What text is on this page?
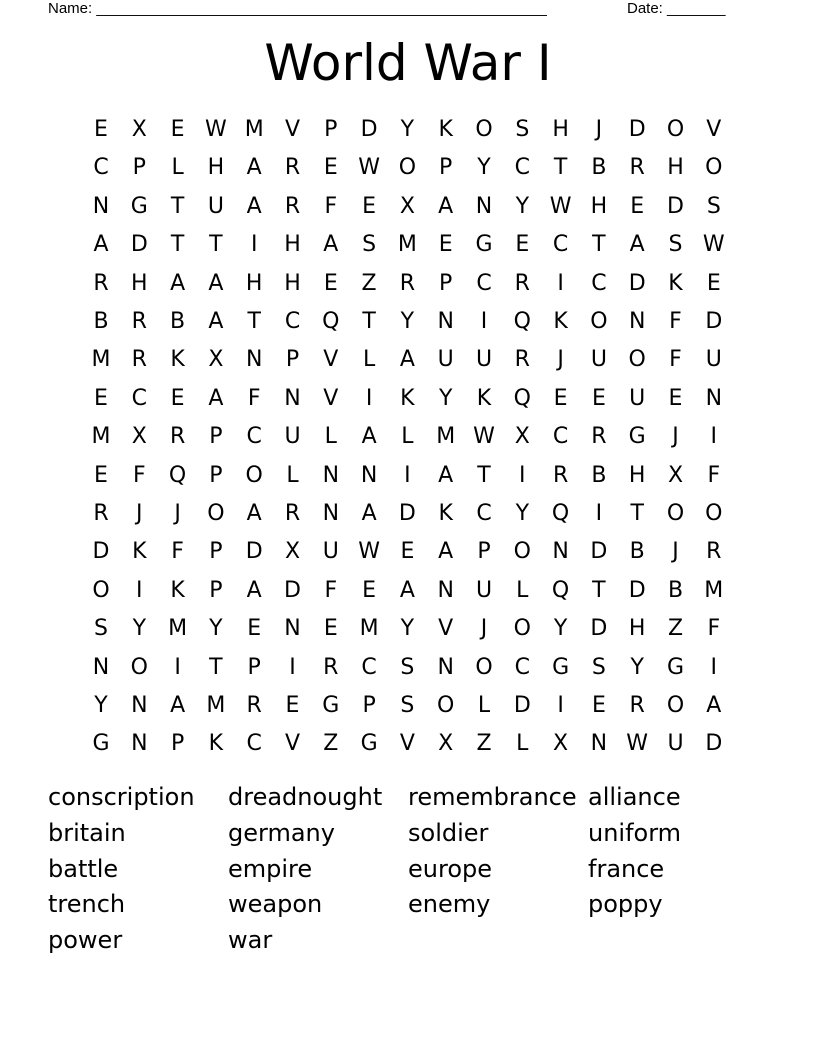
Name: ______________________________________________________	Date: _______
World War I
E	X	E W M V	P	D	Y	K	O	S	H	J	D O	V
C	P	L	H	A	R	E W O	P	Y	C	T	B	R	H O
N G	T	U	A	R	F	E	X	A	N	Y W H	E	D	S
A	D	T	T	I	H	A	S M E	G	E	C	T	A	S W
R	H	A	A	H H	E	Z	R	P	C	R	I	C	D	K	E
B	R	B	A	T	C Q	T	Y	N	I	Q	K	O N	F	D
M R	K	X	N	P	V	L	A	U	U	R	J	U O	F	U
E	C	E	A	F	N	V	I	K	Y	K	Q	E	E	U	E	N
M X	R	P	C	U	L	A	L	M W X	C	R	G	J	I
E	F	Q	P	O	L	N N	I	A	T	I	R	B	H	X	F
R	J	J	O	A	R	N	A	D	K	C	Y	Q	I	T	O O
D	K	F	P	D	X	U W E	A	P	O N D	B	J	R
O	I	K	P	A	D	F	E	A	N	U	L	Q	T	D	B M
S	Y	M	Y	E	N	E M	Y	V	J	O	Y	D H	Z	F
N O	I	T	P	I	R	C	S	N O C	G	S	Y	G	I
Y	N	A M R	E	G	P	S	O	L	D	I	E	R	O	A
G N	P	K	C	V	Z	G	V	X	Z	L	X	N W U D
conscription	dreadnought	remembrance alliance
britain	germany	soldier	uniform
battle	empire	europe	france
trench	weapon	enemy	poppy
power	war
